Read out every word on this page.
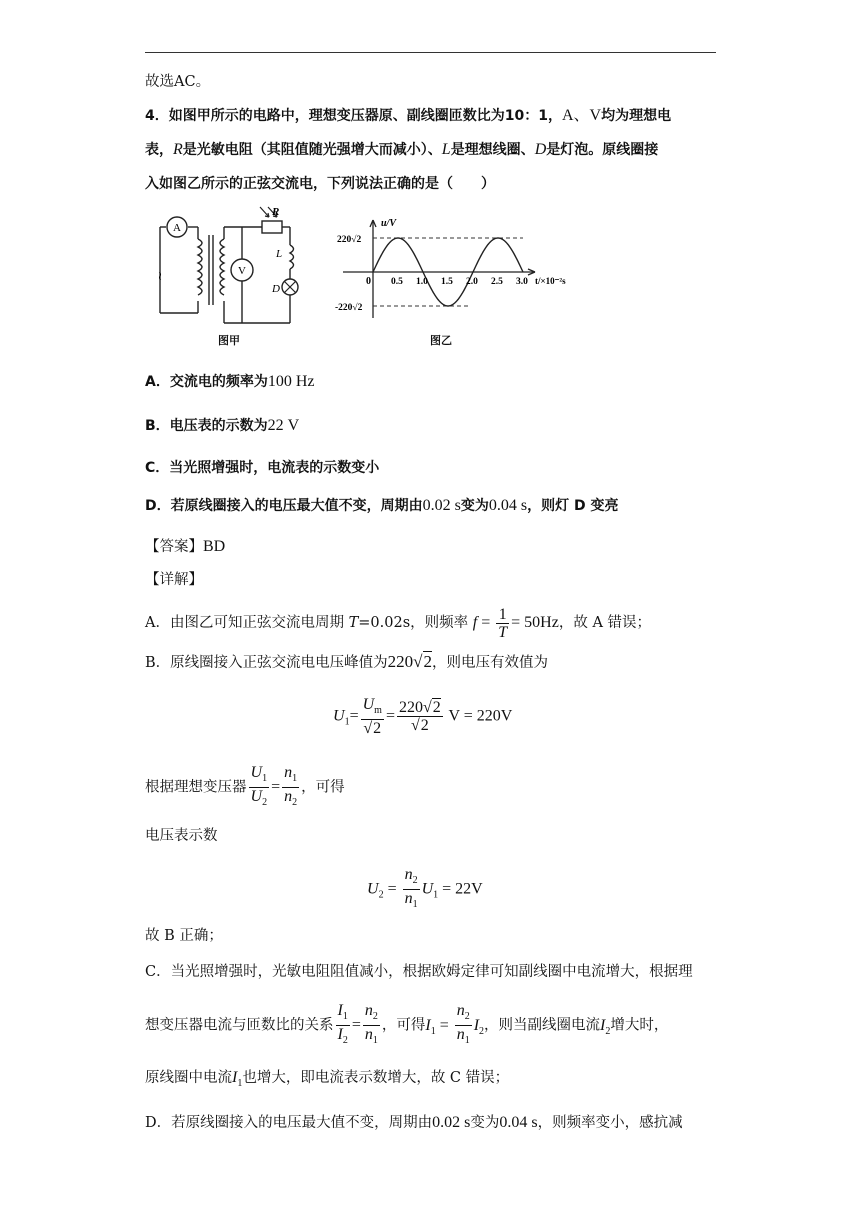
故选AC。
4．如图甲所示的电路中，理想变压器原、副线圈匝数比为10：1，A、V均为理想电
表，R是光敏电阻（其阻值随光强增大而减小）、L是理想线圈、D是灯泡。原线圈接
入如图乙所示的正弦交流电，下列说法正确的是（　　）
A
V
R
L
D
~
图甲
u/V
220√2
-220√2
0 0.5 1.0 1.5 2.0 2.5 3.0 t/×10⁻²s
图乙
A．交流电的频率为100 Hz
B．电压表的示数为22 V
C．当光照增强时，电流表的示数变小
D．若原线圈接入的电压最大值不变，周期由0.02 s变为0.04 s，则灯 D 变亮
【答案】BD
【详解】
A．由图乙可知正弦交流电周期 T=0.02s，则频率 $f = \frac{1}{T} = 50Hz$，故 A 错误；
B．原线圈接入正弦交流电电压峰值为220√2，则电压有效值为
$U_1= \frac{U_m}{√2} = \frac{220√2}{√2}$ V = 220V
根据理想变压器 $\frac{U_1}{U_2} = \frac{n_1}{n_2}$ ，可得
电压表示数
$U_2 = \frac{n_2}{n_1} U_1 = 22V$
故 B 正确；
C．当光照增强时，光敏电阻阻值减小，根据欧姆定律可知副线圈中电流增大，根据理
想变压器电流与匝数比的关系 $\frac{I_1}{I_2} = \frac{n_2}{n_1}$ ，可得$I_1 = \frac{n_2}{n_1} I_2$，则当副线圈电流$I_2$增大时，
原线圈中电流$I_1$也增大，即电流表示数增大，故 C 错误；
D．若原线圈接入的电压最大值不变，周期由0.02 s变为0.04 s，则频率变小，感抗减
